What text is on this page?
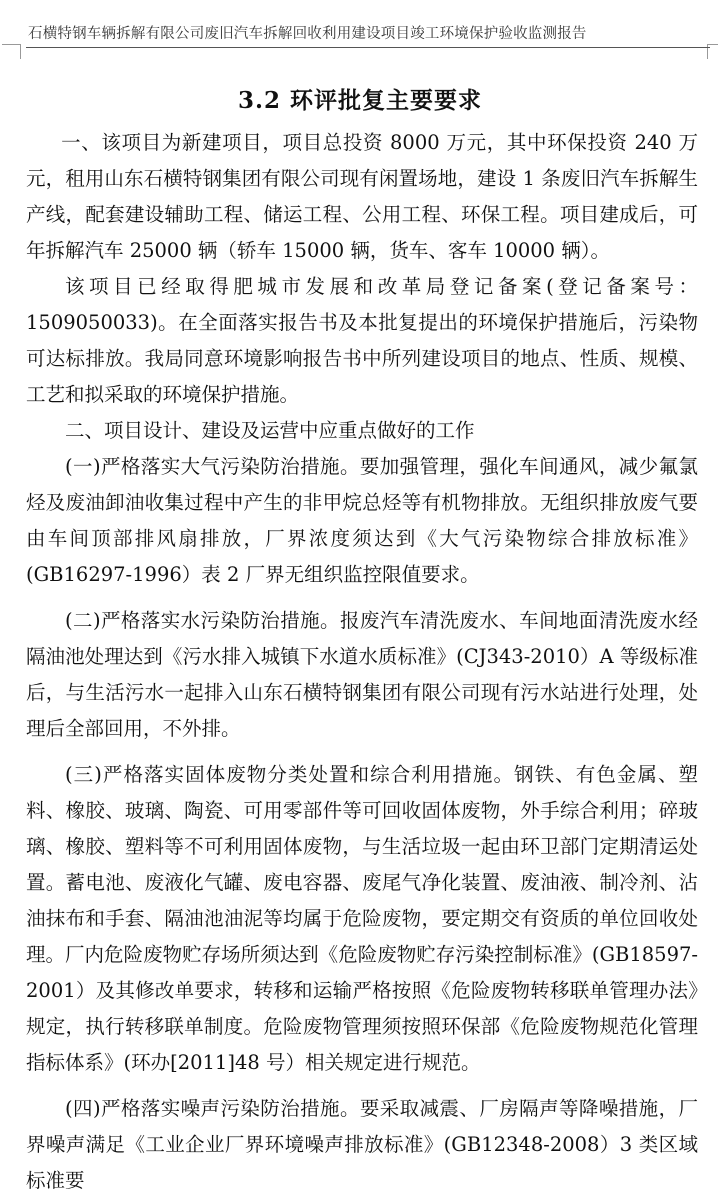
石横特钢车辆拆解有限公司废旧汽车拆解回收利用建设项目竣工环境保护验收监测报告
3.2 环评批复主要要求

一、该项目为新建项目，项目总投资 8000 万元，其中环保投资 240 万元，租用山东石横特钢集团有限公司现有闲置场地，建设 1 条废旧汽车拆解生产线，配套建设辅助工程、储运工程、公用工程、环保工程。项目建成后，可年拆解汽车 25000 辆（轿车 15000 辆，货车、客车 10000 辆）。

该项目已经取得肥城市发展和改革局登记备案(登记备案号：1509050033)。在全面落实报告书及本批复提出的环境保护措施后，污染物可达标排放。我局同意环境影响报告书中所列建设项目的地点、性质、规模、工艺和拟采取的环境保护措施。

二、项目设计、建设及运营中应重点做好的工作

(一)严格落实大气污染防治措施。要加强管理，强化车间通风，减少氟氯烃及废油卸油收集过程中产生的非甲烷总烃等有机物排放。无组织排放废气要由车间顶部排风扇排放，厂界浓度须达到《大气污染物综合排放标准》(GB16297-1996）表 2 厂界无组织监控限值要求。

(二)严格落实水污染防治措施。报废汽车清洗废水、车间地面清洗废水经隔油池处理达到《污水排入城镇下水道水质标准》(CJ343-2010）A 等级标准后，与生活污水一起排入山东石横特钢集团有限公司现有污水站进行处理，处理后全部回用，不外排。

(三)严格落实固体废物分类处置和综合利用措施。钢铁、有色金属、塑料、橡胶、玻璃、陶瓷、可用零部件等可回收固体废物，外手综合利用；碎玻璃、橡胶、塑料等不可利用固体废物，与生活垃圾一起由环卫部门定期清运处置。蓄电池、废液化气罐、废电容器、废尾气净化装置、废油液、制冷剂、沾油抹布和手套、隔油池油泥等均属于危险废物，要定期交有资质的单位回收处理。厂内危险废物贮存场所须达到《危险废物贮存污染控制标准》(GB18597-2001）及其修改单要求，转移和运输严格按照《危险废物转移联单管理办法》规定，执行转移联单制度。危险废物管理须按照环保部《危险废物规范化管理指标体系》(环办[2011]48 号）相关规定进行规范。

(四)严格落实噪声污染防治措施。要采取减震、厂房隔声等降噪措施，厂界噪声满足《工业企业厂界环境噪声排放标准》(GB12348-2008）3 类区域标准要
